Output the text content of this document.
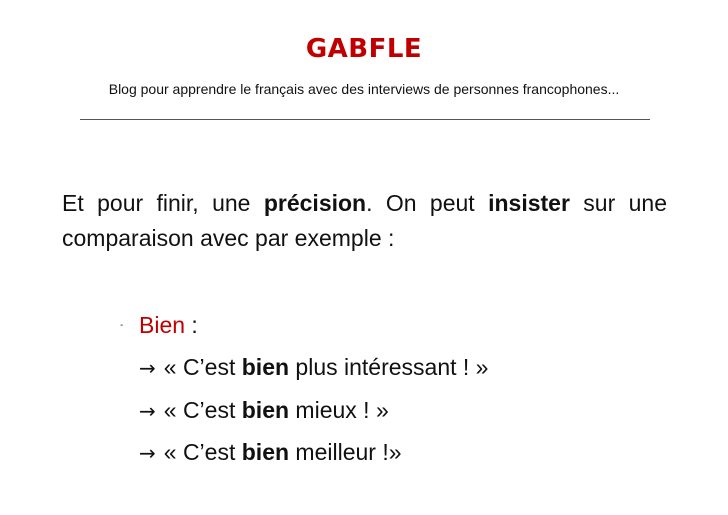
GABFLE
Blog pour apprendre le français avec des interviews de personnes francophones...

Et pour finir, une précision. On peut insister sur une comparaison avec par exemple :

- Bien :
→ « C’est bien plus intéressant ! »
→ « C’est bien mieux ! »
→ « C’est bien meilleur !»
